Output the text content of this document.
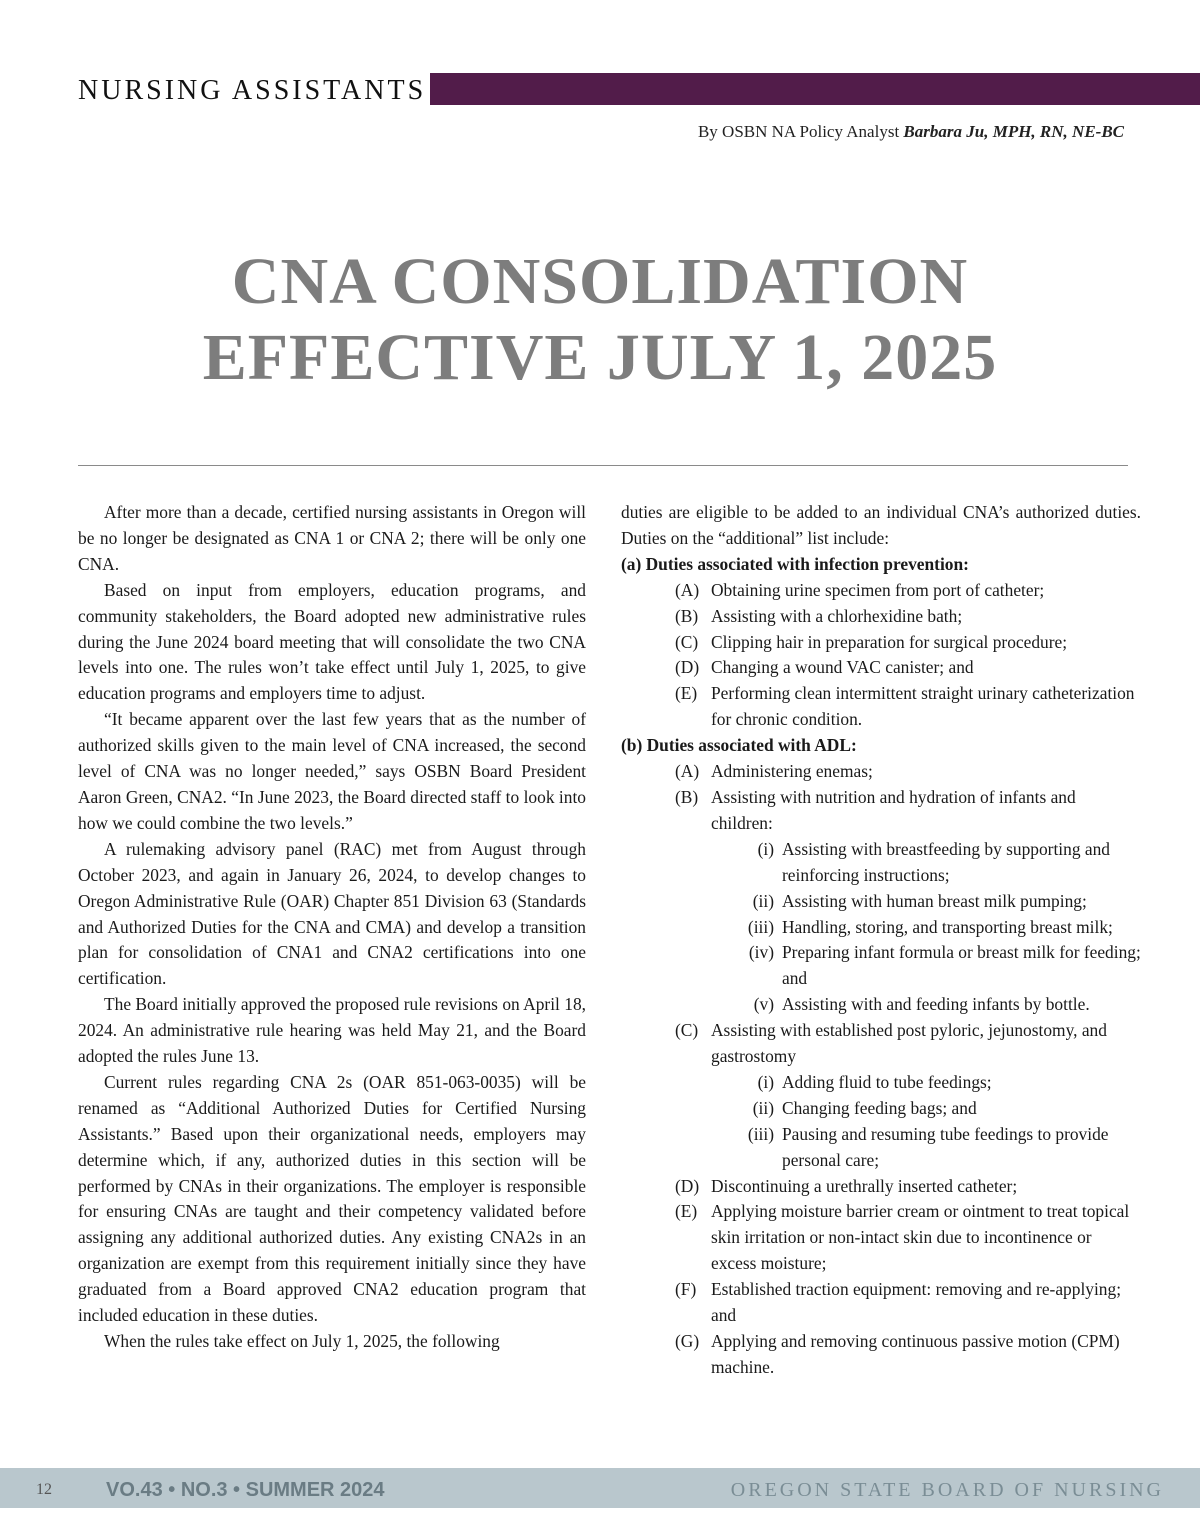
NURSING ASSISTANTS
By OSBN NA Policy Analyst Barbara Ju, MPH, RN, NE-BC
CNA CONSOLIDATION
EFFECTIVE JULY 1, 2025

After more than a decade, certified nursing assistants in Oregon will be no longer be designated as CNA 1 or CNA 2; there will be only one CNA.

Based on input from employers, education programs, and community stakeholders, the Board adopted new administrative rules during the June 2024 board meeting that will consolidate the two CNA levels into one. The rules won’t take effect until July 1, 2025, to give education programs and employers time to adjust.

“It became apparent over the last few years that as the number of authorized skills given to the main level of CNA increased, the second level of CNA was no longer needed,” says OSBN Board President Aaron Green, CNA2. “In June 2023, the Board directed staff to look into how we could combine the two levels.”

A rulemaking advisory panel (RAC) met from August through October 2023, and again in January 26, 2024, to develop changes to Oregon Administrative Rule (OAR) Chapter 851 Division 63 (Standards and Authorized Duties for the CNA and CMA) and develop a transition plan for consolidation of CNA1 and CNA2 certifications into one certification.

The Board initially approved the proposed rule revisions on April 18, 2024. An administrative rule hearing was held May 21, and the Board adopted the rules June 13.

Current rules regarding CNA 2s (OAR 851-063-0035) will be renamed as “Additional Authorized Duties for Certified Nursing Assistants.” Based upon their organizational needs, employers may determine which, if any, authorized duties in this section will be performed by CNAs in their organizations. The employer is responsible for ensuring CNAs are taught and their competency validated before assigning any additional authorized duties. Any existing CNA2s in an organization are exempt from this requirement initially since they have graduated from a Board approved CNA2 education program that included education in these duties.

When the rules take effect on July 1, 2025, the following

duties are eligible to be added to an individual CNA’s authorized duties. Duties on the “additional” list include:

(a) Duties associated with infection prevention:
(A) Obtaining urine specimen from port of catheter;
(B) Assisting with a chlorhexidine bath;
(C) Clipping hair in preparation for surgical procedure;
(D) Changing a wound VAC canister; and
(E) Performing clean intermittent straight urinary catheterization for chronic condition.
(b) Duties associated with ADL:
(A) Administering enemas;
(B) Assisting with nutrition and hydration of infants and children:
(i) Assisting with breastfeeding by supporting and reinforcing instructions;
(ii) Assisting with human breast milk pumping;
(iii) Handling, storing, and transporting breast milk;
(iv) Preparing infant formula or breast milk for feeding; and
(v) Assisting with and feeding infants by bottle.
(C) Assisting with established post pyloric, jejunostomy, and gastrostomy
(i) Adding fluid to tube feedings;
(ii) Changing feeding bags; and
(iii) Pausing and resuming tube feedings to provide personal care;
(D) Discontinuing a urethrally inserted catheter;
(E) Applying moisture barrier cream or ointment to treat topical skin irritation or non-intact skin due to incontinence or excess moisture;
(F) Established traction equipment: removing and re-applying; and
(G) Applying and removing continuous passive motion (CPM) machine.
12	VO.43 • NO.3 • SUMMER 2024	OREGON STATE BOARD OF NURSING
